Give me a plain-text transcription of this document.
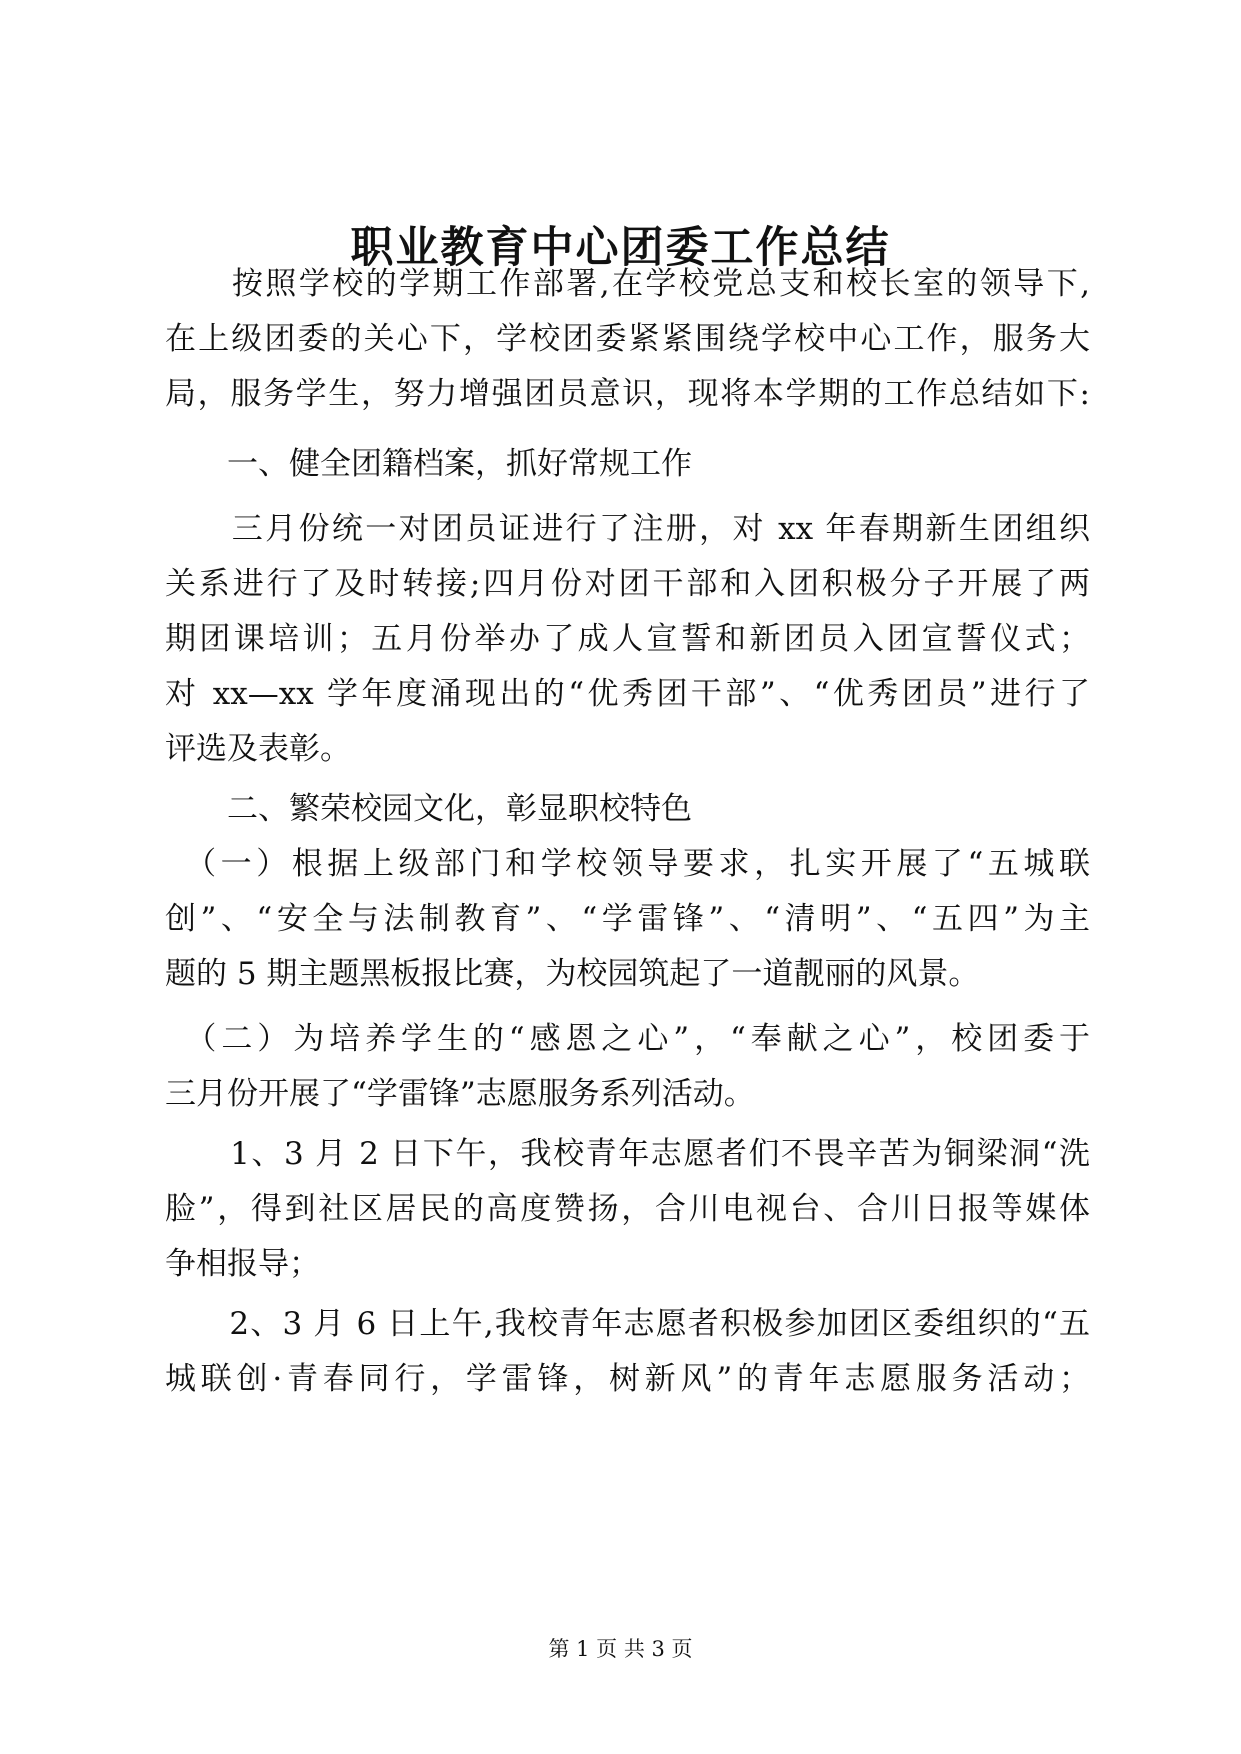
职业教育中心团委工作总结
　　按照学校的学期工作部署,在学校党总支和校长室的领导下,
在上级团委的关心下，学校团委紧紧围绕学校中心工作，服务大
局，服务学生，努力增强团员意识，现将本学期的工作总结如下:
　　一、健全团籍档案，抓好常规工作
　　三月份统一对团员证进行了注册，对 xx 年春期新生团组织
关系进行了及时转接;四月份对团干部和入团积极分子开展了两
期团课培训；五月份举办了成人宣誓和新团员入团宣誓仪式；
对 xx—xx 学年度涌现出的“优秀团干部”、“优秀团员”进行了
评选及表彰。
　　二、繁荣校园文化，彰显职校特色
　（一）根据上级部门和学校领导要求，扎实开展了“五城联
创”、“安全与法制教育”、“学雷锋”、“清明”、“五四”为主
题的 5 期主题黑板报比赛，为校园筑起了一道靓丽的风景。
　（二）为培养学生的“感恩之心”，“奉献之心”，校团委于
三月份开展了“学雷锋”志愿服务系列活动。
　　1、3 月 2 日下午，我校青年志愿者们不畏辛苦为铜梁洞“洗
脸”，得到社区居民的高度赞扬，合川电视台、合川日报等媒体
争相报导；
　　2、3 月 6 日上午,我校青年志愿者积极参加团区委组织的“五
城联创·青春同行，学雷锋，树新风”的青年志愿服务活动；
第 1 页 共 3 页
